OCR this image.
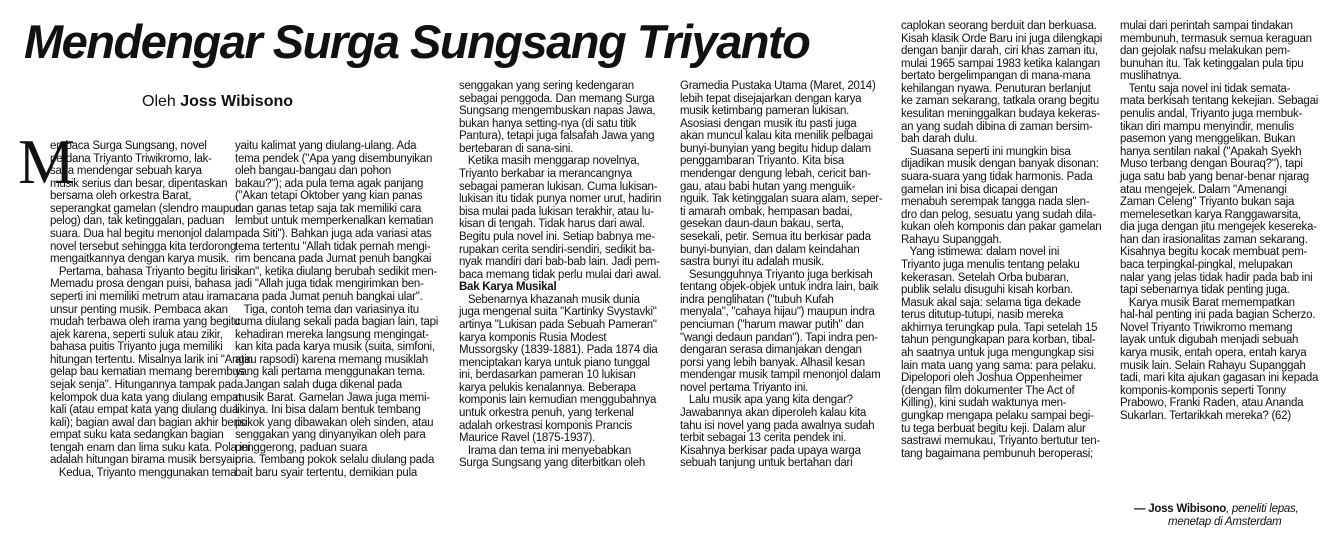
Mendengar Surga Sungsang Triyanto
Oleh Joss Wibisono
M

embaca Surga Sungsang, novel

perdana Triyanto Triwikromo, lak-

sana mendengar sebuah karya

musik serius dan besar, dipentaskan

bersama oleh orkestra Barat,

seperangkat gamelan (slendro maupun

pelog) dan, tak ketinggalan, paduan

suara. Dua hal begitu menonjol dalam

novel tersebut sehingga kita terdorong

mengaitkannya dengan karya musik.

Pertama, bahasa Triyanto begitu liris.

Memadu prosa dengan puisi, bahasa

seperti ini memiliki metrum atau irama:

unsur penting musik. Pembaca akan

mudah terbawa oleh irama yang begitu

ajek karena, seperti suluk atau zikir,

bahasa puitis Triyanto juga memiliki

hitungan tertentu. Misalnya larik ini "Angin

gelap bau kematian memang berembus

sejak senja". Hitungannya tampak pada

kelompok dua kata yang diulang empat

kali (atau empat kata yang diulang dua

kali); bagian awal dan bagian akhir berisi

empat suku kata sedangkan bagian

tengah enam dan lima suku kata. Pola ini

adalah hitungan birama musik bersyair.

Kedua, Triyanto menggunakan tema

yaitu kalimat yang diulang-ulang. Ada

tema pendek ("Apa yang disembunyikan

oleh bangau-bangau dan pohon

bakau?"); ada pula tema agak panjang

("Akan tetapi Oktober yang kian panas

dan ganas tetap saja tak memiliki cara

lembut untuk memperkenalkan kematian

pada Siti"). Bahkan juga ada variasi atas

tema tertentu "Allah tidak pernah mengi-

rim bencana pada Jumat penuh bangkai

ikan", ketika diulang berubah sedikit men-

jadi "Allah juga tidak mengirimkan ben-

cana pada Jumat penuh bangkai ular".

Tiga, contoh tema dan variasinya itu

cuma diulang sekali pada bagian lain, tapi

kehadiran mereka langsung mengingat-

kan kita pada karya musik (suita, simfoni,

atau rapsodi) karena memang musiklah

yang kali pertama menggunakan tema.

Jangan salah duga dikenal pada

musik Barat. Gamelan Jawa juga memi-

likinya. Ini bisa dalam bentuk tembang

pokok yang dibawakan oleh sinden, atau

senggakan yang dinyanyikan oleh para

penggerong, paduan suara

pria. Tembang pokok selalu diulang pada

bait baru syair tertentu, demikian pula

senggakan yang sering kedengaran

sebagai penggoda. Dan memang Surga

Sungsang mengembuskan napas Jawa,

bukan hanya setting-nya (di satu titik

Pantura), tetapi juga falsafah Jawa yang

bertebaran di sana-sini.

Ketika masih menggarap novelnya,

Triyanto berkabar ia merancangnya

sebagai pameran lukisan. Cuma lukisan-

lukisan itu tidak punya nomer urut, hadirin

bisa mulai pada lukisan terakhir, atau lu-

kisan di tengah. Tidak harus dari awal.

Begitu pula novel ini. Setiap babnya me-

rupakan cerita sendiri-sendiri, sedikit ba-

nyak mandiri dari bab-bab lain. Jadi pem-

baca memang tidak perlu mulai dari awal.

Bak Karya Musikal

Sebenarnya khazanah musik dunia

juga mengenal suita "Kartinky Svystavki"

artinya "Lukisan pada Sebuah Pameran"

karya komponis Rusia Modest

Mussorgsky (1839-1881). Pada 1874 dia

menciptakan karya untuk piano tunggal

ini, berdasarkan pameran 10 lukisan

karya pelukis kenalannya. Beberapa

komponis lain kemudian menggubahnya

untuk orkestra penuh, yang terkenal

adalah orkestrasi komponis Prancis

Maurice Ravel (1875-1937).

Irama dan tema ini menyebabkan

Surga Sungsang yang diterbitkan oleh

Gramedia Pustaka Utama (Maret, 2014)

lebih tepat disejajarkan dengan karya

musik ketimbang pameran lukisan.

Asosiasi dengan musik itu pasti juga

akan muncul kalau kita menilik pelbagai

bunyi-bunyian yang begitu hidup dalam

penggambaran Triyanto. Kita bisa

mendengar dengung lebah, cericit ban-

gau, atau babi hutan yang menguik-

nguik. Tak ketinggalan suara alam, seper-

ti amarah ombak, hempasan badai,

gesekan daun-daun bakau, serta,

sesekali, petir. Semua itu berkisar pada

bunyi-bunyian, dan dalam keindahan

sastra bunyi itu adalah musik.

Sesungguhnya Triyanto juga berkisah

tentang objek-objek untuk indra lain, baik

indra penglihatan ("tubuh Kufah

menyala", "cahaya hijau") maupun indra

penciuman ("harum mawar putih" dan

"wangi dedaun pandan"). Tapi indra pen-

dengaran serasa dimanjakan dengan

porsi yang lebih banyak. Alhasil kesan

mendengar musik tampil menonjol dalam

novel pertama Triyanto ini.

Lalu musik apa yang kita dengar?

Jawabannya akan diperoleh kalau kita

tahu isi novel yang pada awalnya sudah

terbit sebagai 13 cerita pendek ini.

Kisahnya berkisar pada upaya warga

sebuah tanjung untuk bertahan dari

caplokan seorang berduit dan berkuasa.

Kisah klasik Orde Baru ini juga dilengkapi

dengan banjir darah, ciri khas zaman itu,

mulai 1965 sampai 1983 ketika kalangan

bertato bergelimpangan di mana-mana

kehilangan nyawa. Penuturan berlanjut

ke zaman sekarang, tatkala orang begitu

kesulitan meninggalkan budaya kekeras-

an yang sudah dibina di zaman bersim-

bah darah dulu.

Suasana seperti ini mungkin bisa

dijadikan musik dengan banyak disonan:

suara-suara yang tidak harmonis. Pada

gamelan ini bisa dicapai dengan

menabuh serempak tangga nada slen-

dro dan pelog, sesuatu yang sudah dila-

kukan oleh komponis dan pakar gamelan

Rahayu Supanggah.

Yang istimewa: dalam novel ini

Triyanto juga menulis tentang pelaku

kekerasan. Setelah Orba bubaran,

publik selalu disuguhi kisah korban.

Masuk akal saja: selama tiga dekade

terus ditutup-tutupi, nasib mereka

akhirnya terungkap pula. Tapi setelah 15

tahun pengungkapan para korban, tibal-

ah saatnya untuk juga mengungkap sisi

lain mata uang yang sama: para pelaku.

Dipelopori oleh Joshua Oppenheimer

(dengan film dokumenter The Act of

Killing), kini sudah waktunya men-

gungkap mengapa pelaku sampai begi-

tu tega berbuat begitu keji. Dalam alur

sastrawi memukau, Triyanto bertutur ten-

tang bagaimana pembunuh beroperasi;

mulai dari perintah sampai tindakan

membunuh, termasuk semua keraguan

dan gejolak nafsu melakukan pem-

bunuhan itu. Tak ketinggalan pula tipu

muslihatnya.

Tentu saja novel ini tidak semata-

mata berkisah tentang kekejian. Sebagai

penulis andal, Triyanto juga membuk-

tikan diri mampu menyindir, menulis

pasemon yang menggelikan. Bukan

hanya sentilan nakal ("Apakah Syekh

Muso terbang dengan Bouraq?"), tapi

juga satu bab yang benar-benar njarag

atau mengejek. Dalam "Amenangi

Zaman Celeng" Triyanto bukan saja

memelesetkan karya Ranggawarsita,

dia juga dengan jitu mengejek kesereka-

han dan irasionalitas zaman sekarang.

Kisahnya begitu kocak membuat pem-

baca terpingkal-pingkal, melupakan

nalar yang jelas tidak hadir pada bab ini

tapi sebenarnya tidak penting juga.

Karya musik Barat memempatkan

hal-hal penting ini pada bagian Scherzo.

Novel Triyanto Triwikromo memang

layak untuk digubah menjadi sebuah

karya musik, entah opera, entah karya

musik lain. Selain Rahayu Supanggah

tadi, mari kita ajukan gagasan ini kepada

komponis-komponis seperti Tonny

Prabowo, Franki Raden, atau Ananda

Sukarlan. Tertarikkah mereka? (62)

— Joss Wibisono, peneliti lepas,

menetap di Amsterdam
